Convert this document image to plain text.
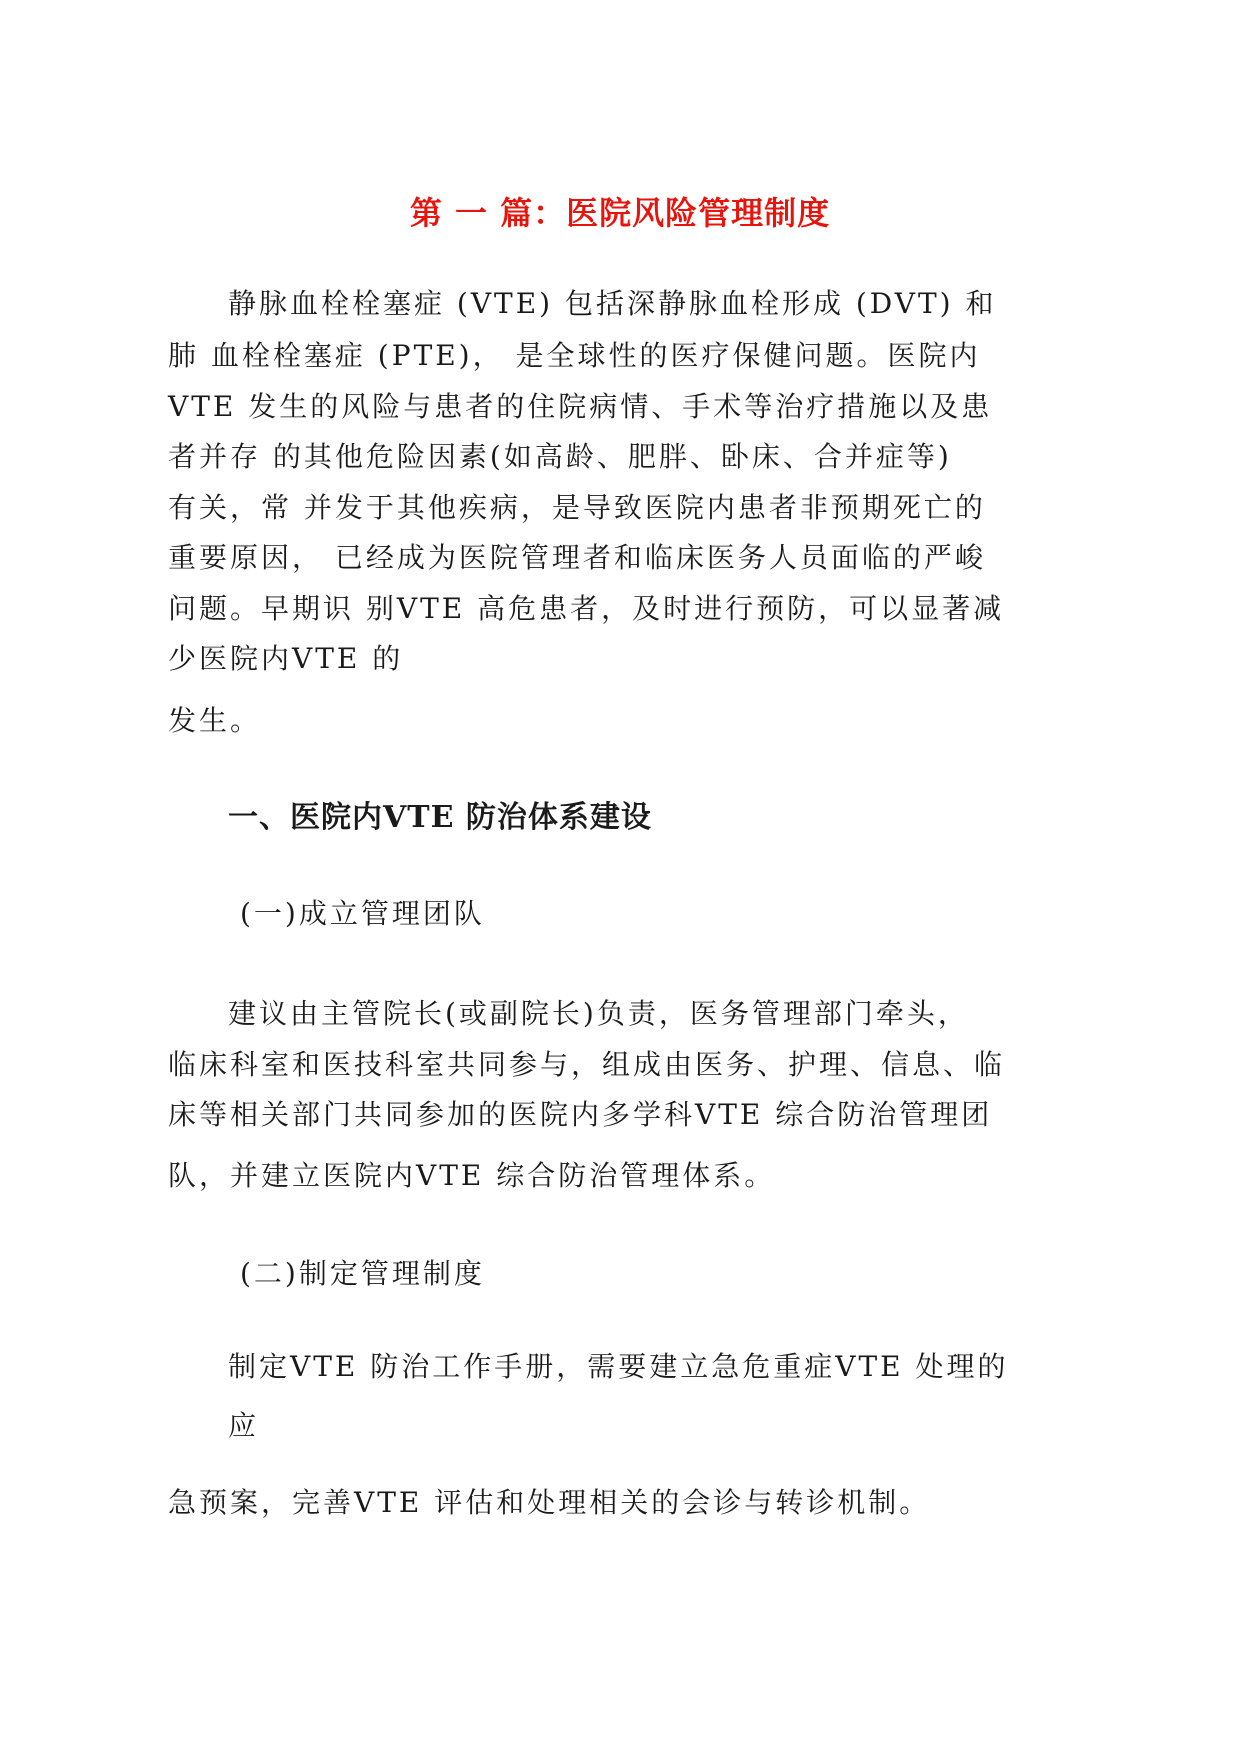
第 一 篇：医院风险管理制度
静脉血栓栓塞症 (VTE) 包括深静脉血栓形成 (DVT) 和
肺 血栓栓塞症 (PTE)， 是全球性的医疗保健问题。医院内
VTE 发生的风险与患者的住院病情、手术等治疗措施以及患
者并存 的其他危险因素(如高龄、肥胖、卧床、合并症等)
有关，常 并发于其他疾病，是导致医院内患者非预期死亡的
重要原因， 已经成为医院管理者和临床医务人员面临的严峻
问题。早期识 别VTE 高危患者，及时进行预防，可以显著减
少医院内VTE 的
发生。
一、医院内VTE 防治体系建设
(一)成立管理团队
建议由主管院长(或副院长)负责，医务管理部门牵头，
临床科室和医技科室共同参与，组成由医务、护理、信息、临
床等相关部门共同参加的医院内多学科VTE 综合防治管理团
队，并建立医院内VTE 综合防治管理体系。
(二)制定管理制度
制定VTE 防治工作手册，需要建立急危重症VTE 处理的
应
急预案，完善VTE 评估和处理相关的会诊与转诊机制。
